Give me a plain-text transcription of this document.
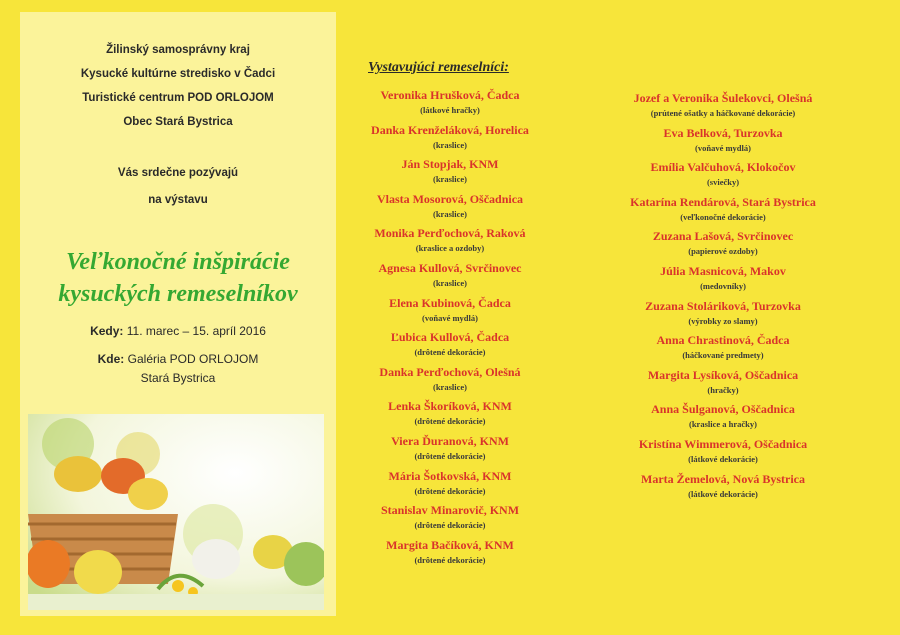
Žilinský samosprávny kraj
Kysucké kultúrne stredisko v Čadci
Turistické centrum POD ORLOJOM
Obec Stará Bystrica
Vás srdečne pozývajú
na výstavu
Veľkonočné inšpirácie
kysuckých remeselníkov
Kedy: 11. marec – 15. apríl 2016
Kde: Galéria POD ORLOJOM
Stará Bystrica
Vystavujúci remeselníci:
Veronika Hrušková, Čadca
(látkové hračky)
Danka Krenželáková, Horelica
(kraslice)
Ján Stopjak, KNM
(kraslice)
Vlasta Mosorová, Oščadnica
(kraslice)
Monika Perďochová, Raková
(kraslice a ozdoby)
Agnesa Kullová, Svrčinovec
(kraslice)
Elena Kubinová, Čadca
(voňavé mydlá)
Ľubica Kullová, Čadca
(drôtené dekorácie)
Danka Perďochová, Olešná
(kraslice)
Lenka Škoríková, KNM
(drôtené dekorácie)
Viera Ďuranová, KNM
(drôtené dekorácie)
Mária Šotkovská, KNM
(drôtené dekorácie)
Stanislav Minarovič, KNM
(drôtené dekorácie)
Margita Bačíková, KNM
(drôtené dekorácie)
Jozef a Veronika Šulekovci, Olešná
(prútené ošatky a háčkované dekorácie)
Eva Belková, Turzovka
(voňavé mydlá)
Emília Valčuhová, Klokočov
(sviečky)
Katarína Rendárová, Stará Bystrica
(veľkonočné dekorácie)
Zuzana Lašová, Svrčinovec
(papierové ozdoby)
Júlia Masnicová, Makov
(medovníky)
Zuzana Stoláriková, Turzovka
(výrobky zo slamy)
Anna Chrastinová, Čadca
(háčkované predmety)
Margita Lysíková, Oščadnica
(hračky)
Anna Šulganová, Oščadnica
(kraslice a hračky)
Kristína Wimmerová, Oščadnica
(látkové dekorácie)
Marta Žemelová, Nová Bystrica
(látkové dekorácie)
